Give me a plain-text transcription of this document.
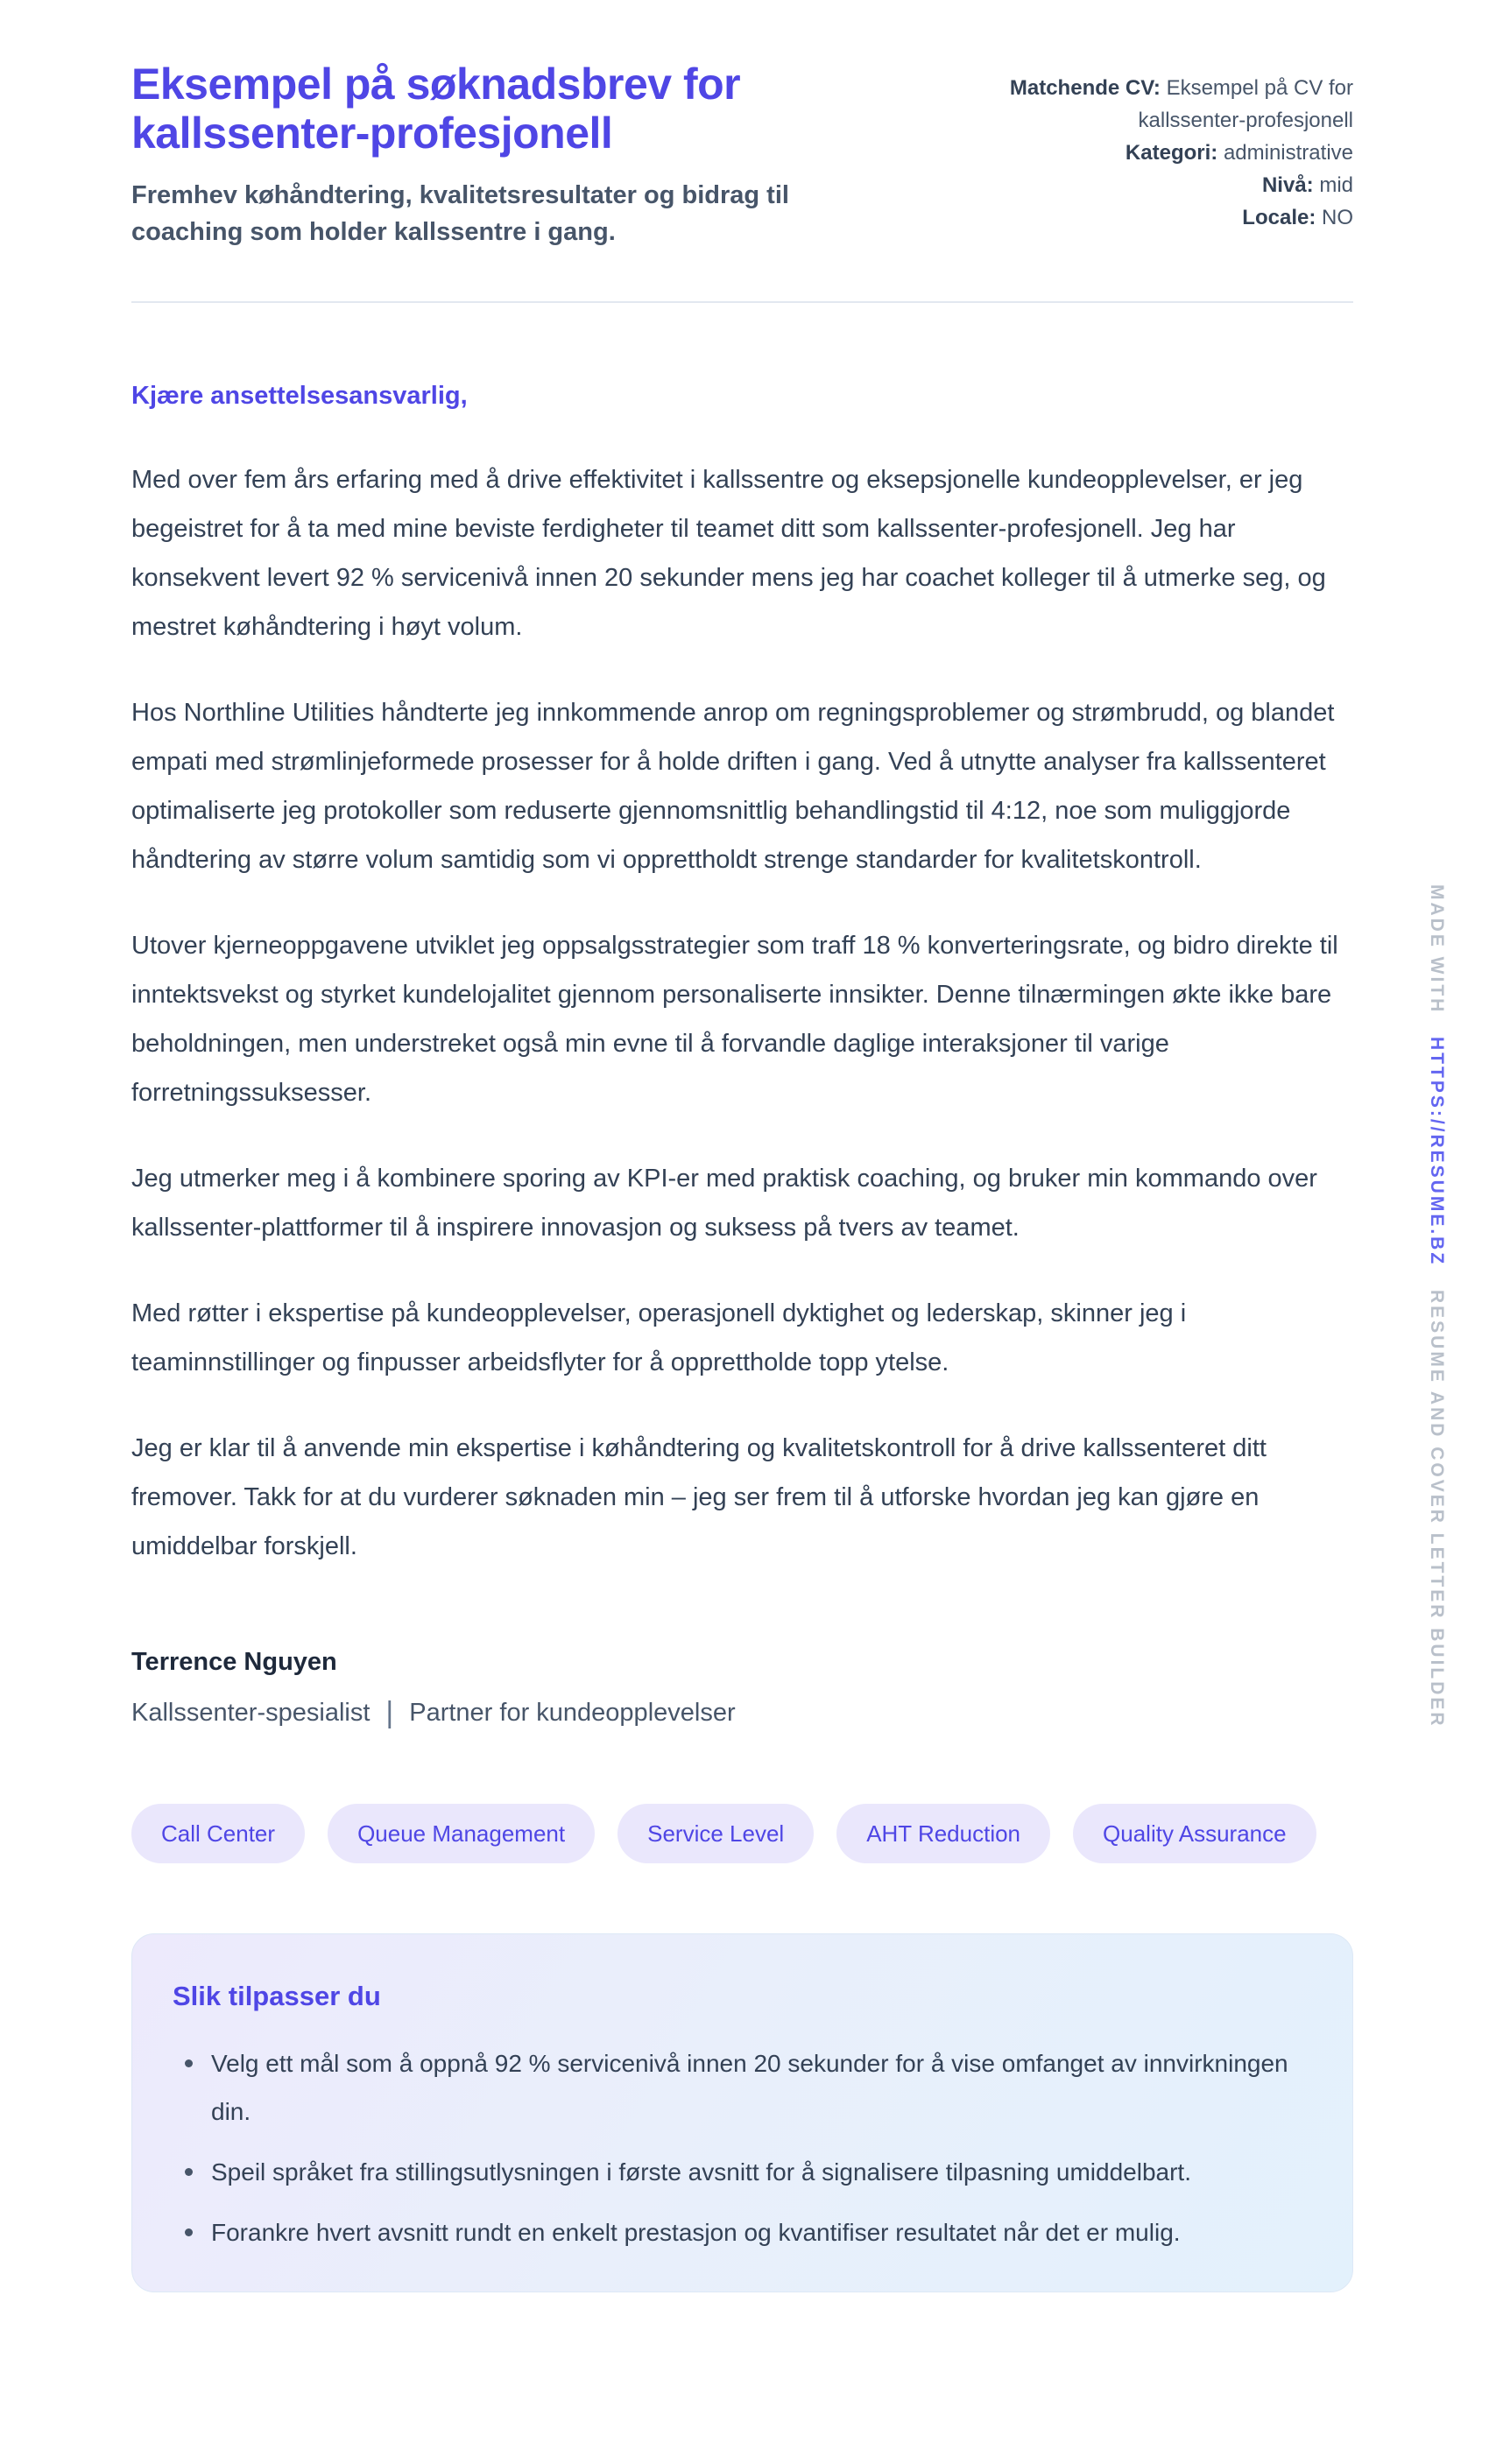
Eksempel på søknadsbrev for kallssenter-profesjonell
Fremhev køhåndtering, kvalitetsresultater og bidrag til coaching som holder kallssentre i gang.
Matchende CV: Eksempel på CV for kallssenter-profesjonell
Kategori: administrative
Nivå: mid
Locale: NO
Kjære ansettelsesansvarlig,

Med over fem års erfaring med å drive effektivitet i kallssentre og eksepsjonelle kundeopplevelser, er jeg begeistret for å ta med mine beviste ferdigheter til teamet ditt som kallssenter-profesjonell. Jeg har konsekvent levert 92 % servicenivå innen 20 sekunder mens jeg har coachet kolleger til å utmerke seg, og mestret køhåndtering i høyt volum.

Hos Northline Utilities håndterte jeg innkommende anrop om regningsproblemer og strømbrudd, og blandet empati med strømlinjeformede prosesser for å holde driften i gang. Ved å utnytte analyser fra kallssenteret optimaliserte jeg protokoller som reduserte gjennomsnittlig behandlingstid til 4:12, noe som muliggjorde håndtering av større volum samtidig som vi opprettholdt strenge standarder for kvalitetskontroll.

Utover kjerneoppgavene utviklet jeg oppsalgsstrategier som traff 18 % konverteringsrate, og bidro direkte til inntektsvekst og styrket kundelojalitet gjennom personaliserte innsikter. Denne tilnærmingen økte ikke bare beholdningen, men understreket også min evne til å forvandle daglige interaksjoner til varige forretningssuksesser.

Jeg utmerker meg i å kombinere sporing av KPI-er med praktisk coaching, og bruker min kommando over kallssenter-plattformer til å inspirere innovasjon og suksess på tvers av teamet.

Med røtter i ekspertise på kundeopplevelser, operasjonell dyktighet og lederskap, skinner jeg i teaminnstillinger og finpusser arbeidsflyter for å opprettholde topp ytelse.

Jeg er klar til å anvende min ekspertise i køhåndtering og kvalitetskontroll for å drive kallssenteret ditt fremover. Takk for at du vurderer søknaden min – jeg ser frem til å utforske hvordan jeg kan gjøre en umiddelbar forskjell.

Terrence Nguyen
Kallssenter-spesialist | Partner for kundeopplevelser
Call Center	Queue Management	Service Level	AHT Reduction	Quality Assurance
Slik tilpasser du
Velg ett mål som å oppnå 92 % servicenivå innen 20 sekunder for å vise omfanget av innvirkningen din.
Speil språket fra stillingsutlysningen i første avsnitt for å signalisere tilpasning umiddelbart.
Forankre hvert avsnitt rundt en enkelt prestasjon og kvantifiser resultatet når det er mulig.
MADE WITH
HTTPS://RESUME.BZ
RESUME AND COVER LETTER BUILDER
